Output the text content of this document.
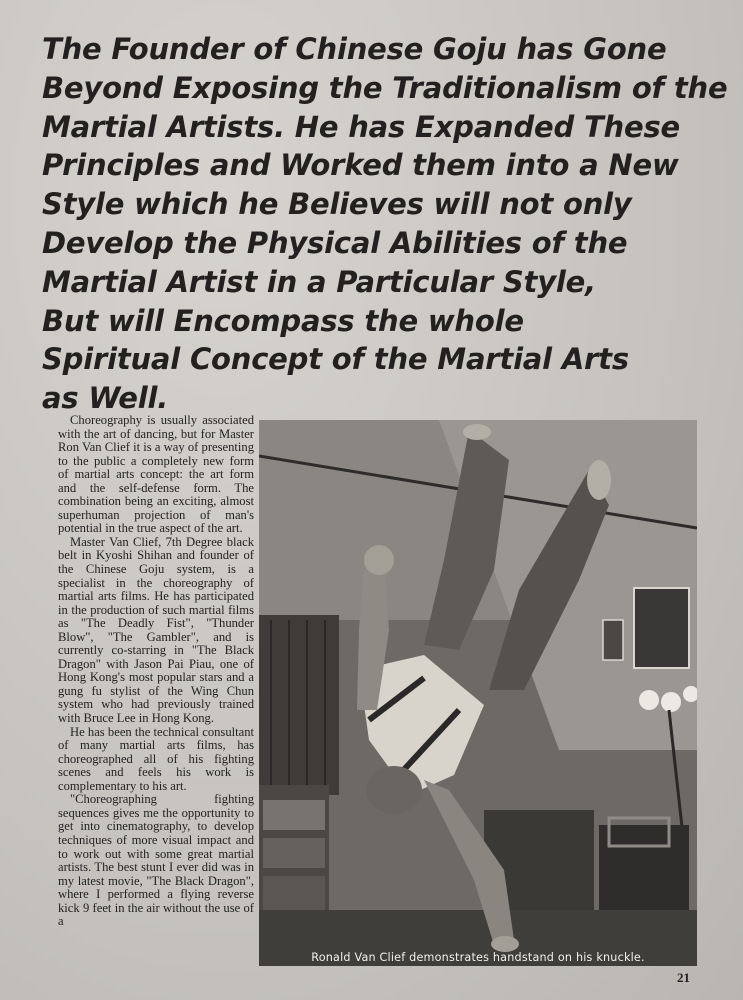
The Founder of Chinese Goju has Gone
Beyond Exposing the Traditionalism of the
Martial Artists. He has Expanded These
Principles and Worked them into a New
Style which he Believes will not only
Develop the Physical Abilities of the
Martial Artist in a Particular Style,
But will Encompass the whole
Spiritual Concept of the Martial Arts
as Well.

Choreography is usually associated with the art of dancing, but for Master Ron Van Clief it is a way of presenting to the public a completely new form of martial arts concept: the art form and the self-defense form. The combination being an exciting, almost superhuman projection of man's potential in the true aspect of the art.

Master Van Clief, 7th Degree black belt in Kyoshi Shihan and founder of the Chinese Goju system, is a specialist in the choreography of martial arts films. He has participated in the production of such martial films as "The Deadly Fist", "Thunder Blow", "The Gambler", and is currently co-starring in "The Black Dragon" with Jason Pai Piau, one of Hong Kong's most popular stars and a gung fu stylist of the Wing Chun system who had previously trained with Bruce Lee in Hong Kong.

He has been the technical consultant of many martial arts films, has choreographed all of his fighting scenes and feels his work is complementary to his art.

"Choreographing fighting sequences gives me the opportunity to get into cinematography, to develop techniques of more visual impact and to work out with some great martial artists. The best stunt I ever did was in my latest movie, "The Black Dragon", where I performed a flying reverse kick 9 feet in the air without the use of a

Ronald Van Clief demonstrates handstand on his knuckle.
21
